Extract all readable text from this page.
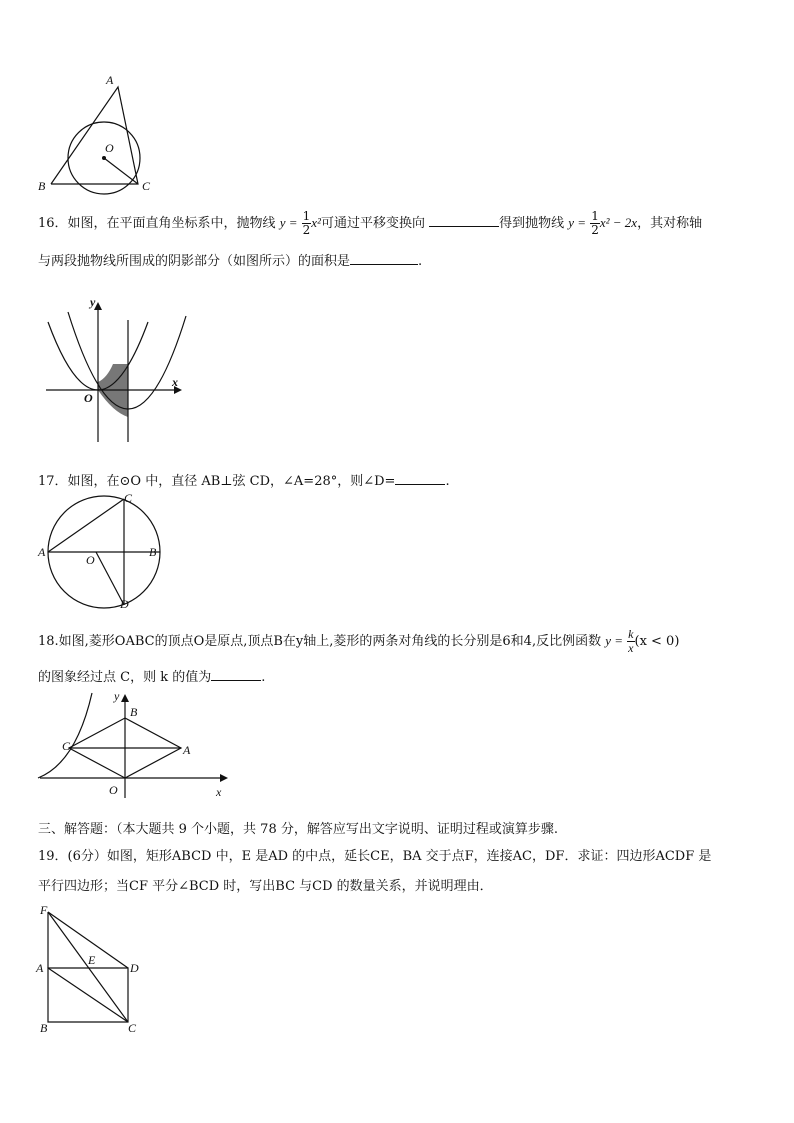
A
B	C
O
16．如图，在平面直角坐标系中，抛物线 $y = \frac{1}{2} x^2$可通过平移变换向	得到抛物线 $y = \frac{1}{2} x^2 - 2x$，其对称轴
与两段抛物线所围成的阴影部分（如图所示）的面积是	.
y
x
O
17．如图，在⊙O 中，直径 AB⊥弦 CD，∠A=28°，则∠D=	.
C
A	B
O
D
18.如图,菱形OABC的顶点O是原点,顶点B在y轴上,菱形的两条对角线的长分别是6和4,反比例函数 $y = \frac{k}{x} (x < 0)$
的图象经过点 C，则 k 的值为	.
y
x
O
A
B
C
三、解答题：（本大题共 9 个小题，共 78 分，解答应写出文字说明、证明过程或演算步骤.
19．(6分）如图，矩形ABCD 中，E 是AD 的中点，延长CE，BA 交于点F，连接AC，DF．求证：四边形ACDF 是
平行四边形；当CF 平分∠BCD 时，写出BC 与CD 的数量关系，并说明理由．
F
A
E
D
B	C
